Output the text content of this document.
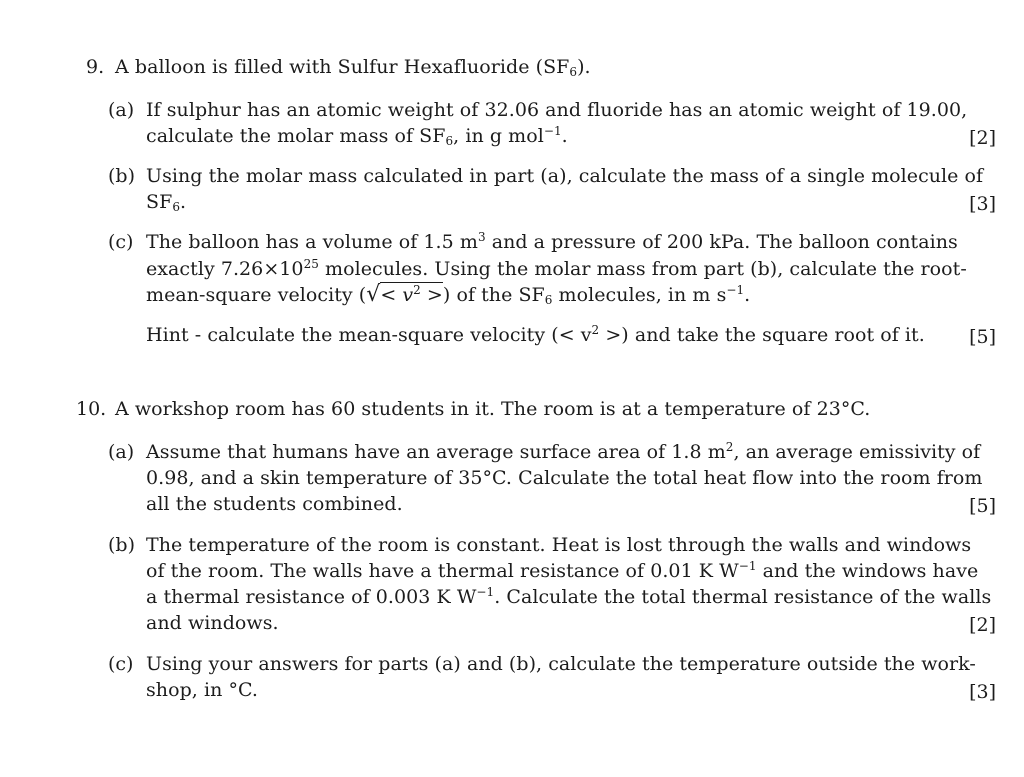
9. A balloon is filled with Sulfur Hexafluoride $(SF_6)$.
(a) If sulphur has an atomic weight of 32.06 and fluoride has an atomic weight of 19.00,
calculate the molar mass of $SF_6$, in g mol$^{-1}$.	[2]
(b) Using the molar mass calculated in part (a), calculate the mass of a single molecule of
$SF_6$.	[3]
(c) The balloon has a volume of 1.5 $m^3$ and a pressure of 200 kPa. The balloon contains
exactly $7.26\times 10^{25}$ molecules. Using the molar mass from part (b), calculate the root-
mean-square velocity (√< $v^2$ >) of the $SF_6$ molecules, in m $s^{-1}$.
Hint - calculate the mean-square velocity (< $v^2$ >) and take the square root of it. [5]
10. A workshop room has 60 students in it. The room is at a temperature of 23°C.
(a) Assume that humans have an average surface area of 1.8 $m^2$, an average emissivity of
0.98, and a skin temperature of 35°C. Calculate the total heat flow into the room from
all the students combined.	[5]
(b) The temperature of the room is constant. Heat is lost through the walls and windows
of the room. The walls have a thermal resistance of 0.01 K $W^{-1}$ and the windows have
a thermal resistance of 0.003 K $W^{-1}$. Calculate the total thermal resistance of the walls
and windows.	[2]
(c) Using your answers for parts (a) and (b), calculate the temperature outside the work-
shop, in °C.	[3]
